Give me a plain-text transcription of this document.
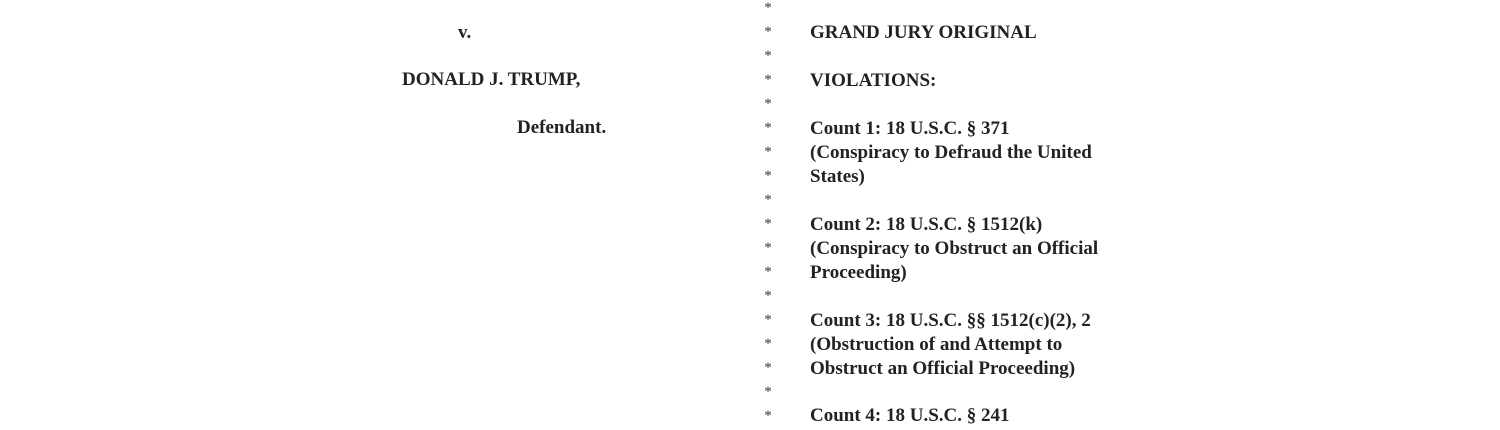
v.
DONALD J. TRUMP,
Defendant.
*
*
*
*
*
*
*
*
*
*
*
*
*
*
*
*
*
*
GRAND JURY ORIGINAL
VIOLATIONS:
Count 1: 18 U.S.C. § 371
(Conspiracy to Defraud the United
States)
Count 2: 18 U.S.C. § 1512(k)
(Conspiracy to Obstruct an Official
Proceeding)
Count 3: 18 U.S.C. §§ 1512(c)(2), 2
(Obstruction of and Attempt to
Obstruct an Official Proceeding)
Count 4: 18 U.S.C. § 241
